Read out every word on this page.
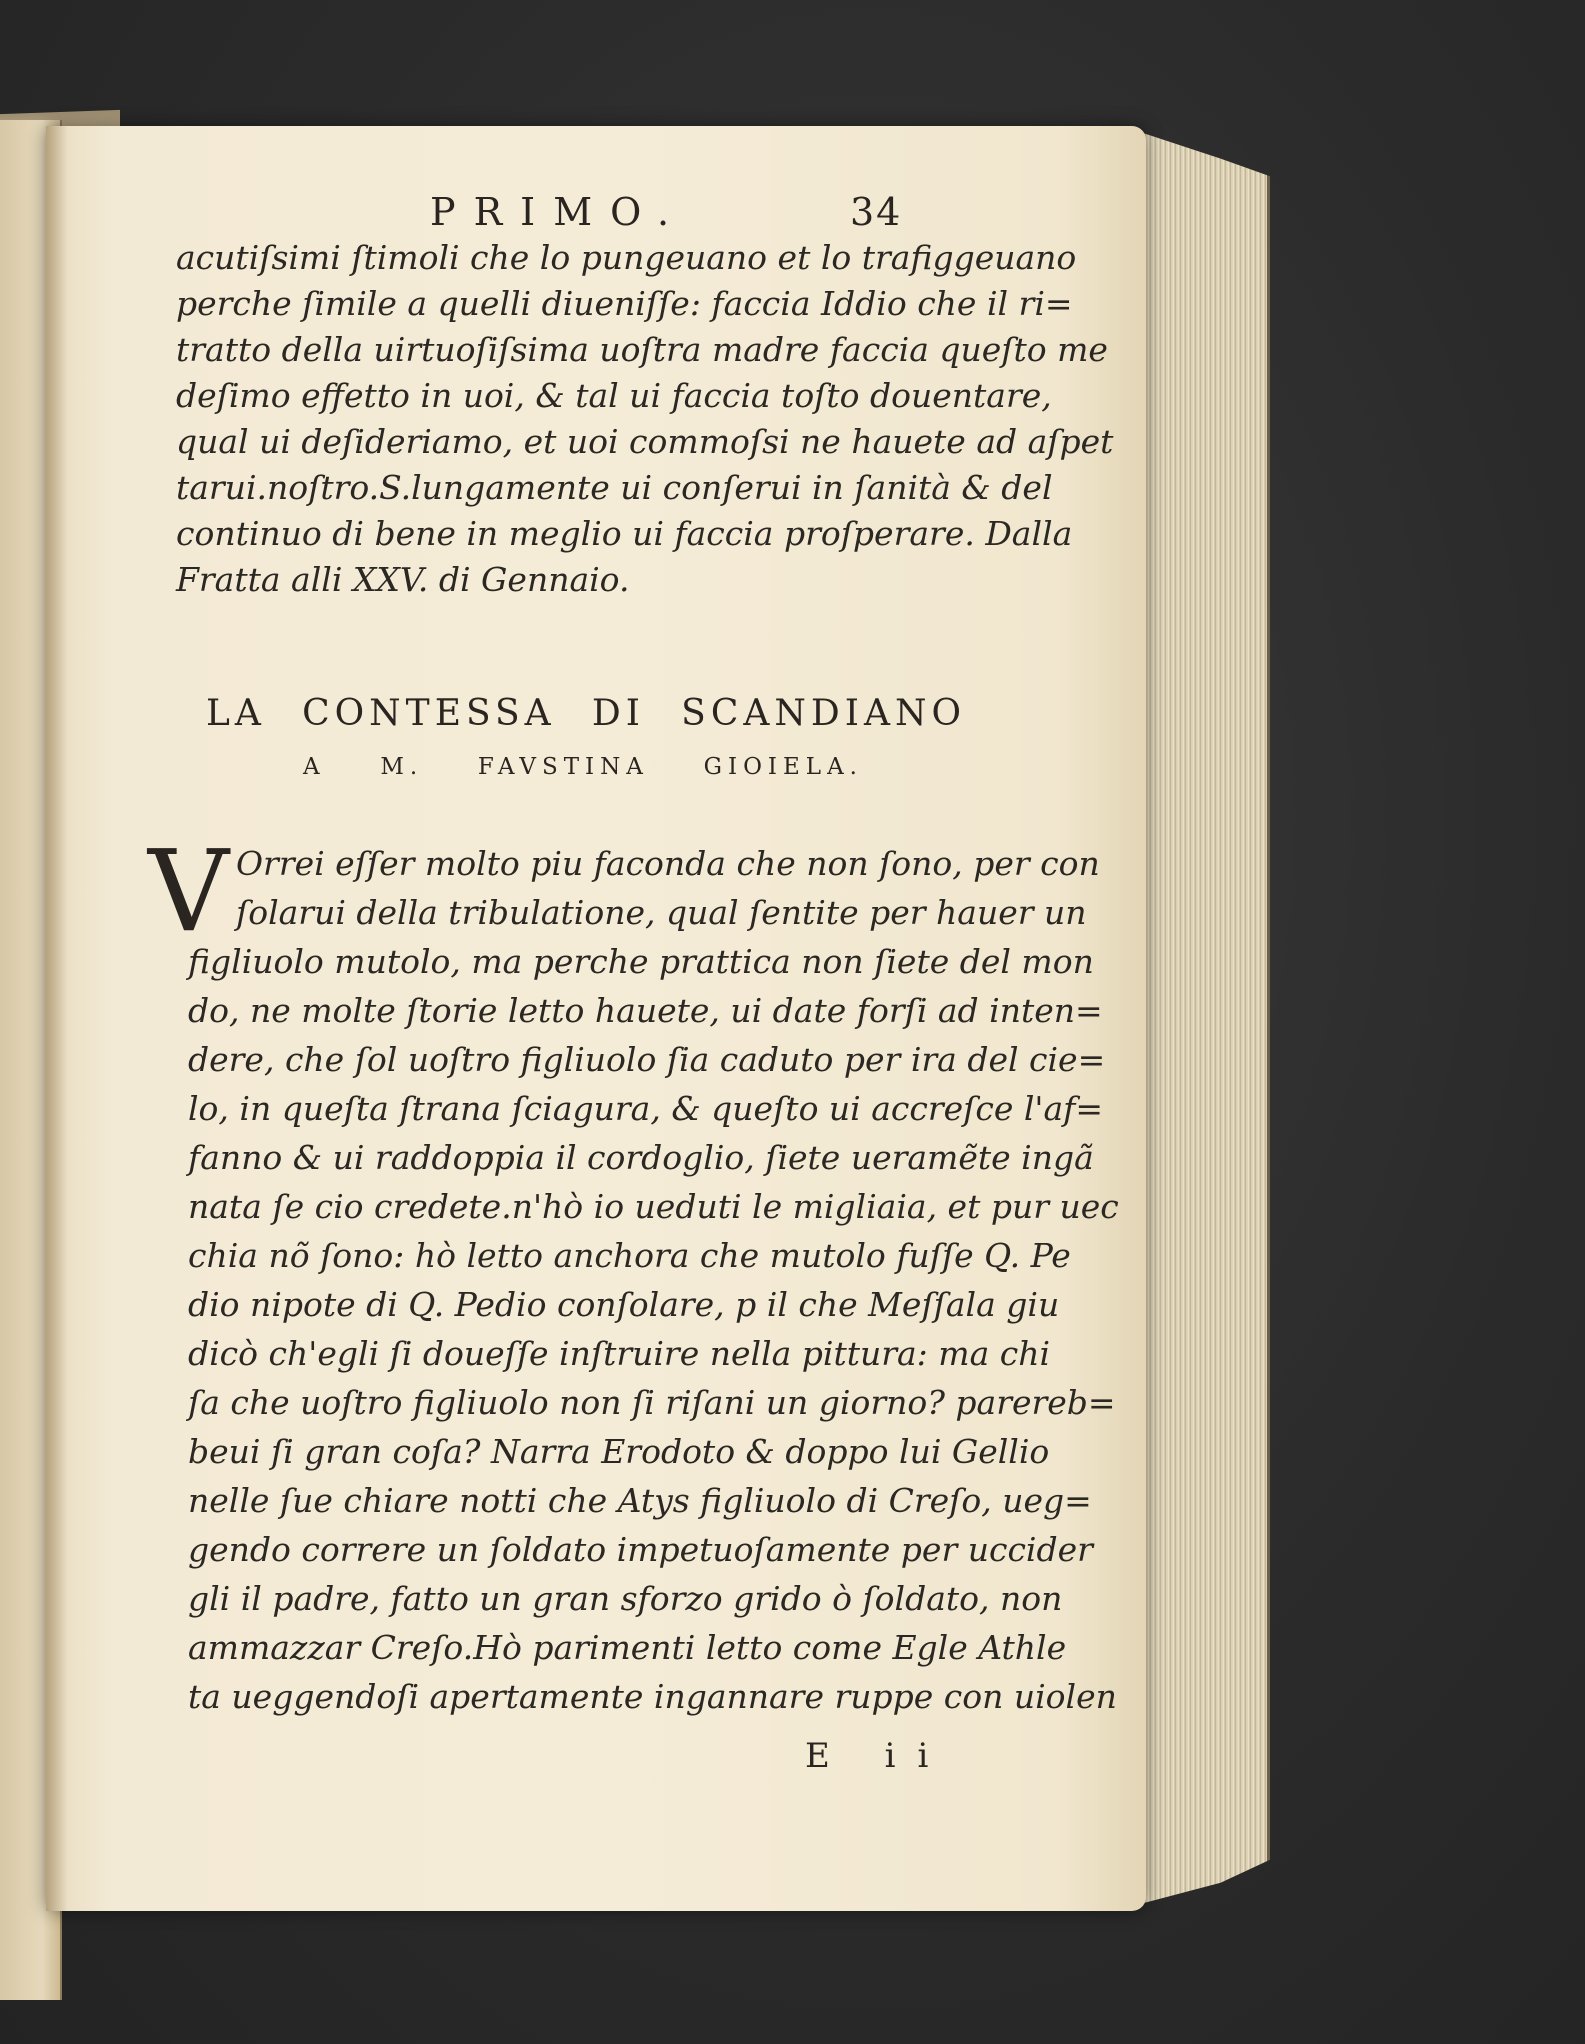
PRIMO.	34
acutiſsimi ſtimoli che lo pungeuano et lo trafiggeuano
perche ſimile a quelli diueniſſe: faccia Iddio che il ri=
tratto della uirtuoſiſsima uoſtra madre faccia queſto me
deſimo effetto in uoi, & tal ui faccia toſto douentare,
qual ui deſideriamo, et uoi commoſsi ne hauete ad aſpet
tarui.noſtro.S.lungamente ui conſerui in ſanità & del
continuo di bene in meglio ui faccia proſperare. Dalla
Fratta alli XXV. di Gennaio.
LA CONTESSA DI SCANDIANO
A M. FAVSTINA GIOIELA.
V Orrei eſſer molto piu faconda che non ſono, per con
ſolarui della tribulatione, qual ſentite per hauer un
figliuolo mutolo, ma perche prattica non ſiete del mon
do, ne molte ſtorie letto hauete, ui date forſi ad inten=
dere, che ſol uoſtro figliuolo ſia caduto per ira del cie=
lo, in queſta ſtrana ſciagura, & queſto ui accreſce l'af=
fanno & ui raddoppia il cordoglio, ſiete ueramẽte ingã
nata ſe cio credete.n'hò io ueduti le migliaia, et pur uec
chia nõ ſono: hò letto anchora che mutolo fuſſe Q. Pe
dio nipote di Q. Pedio conſolare, p il che Meſſala giu
dicò ch'egli ſi doueſſe inſtruire nella pittura: ma chi
ſa che uoſtro figliuolo non ſi riſani un giorno? parereb=
beui ſi gran coſa? Narra Erodoto & doppo lui Gellio
nelle ſue chiare notti che Atys figliuolo di Creſo, ueg=
gendo correre un ſoldato impetuoſamente per uccider
gli il padre, fatto un gran sforzo grido ò ſoldato, non
ammazzar Creſo.Hò parimenti letto come Egle Athle
ta ueggendoſi apertamente ingannare ruppe con uiolen
E ii
